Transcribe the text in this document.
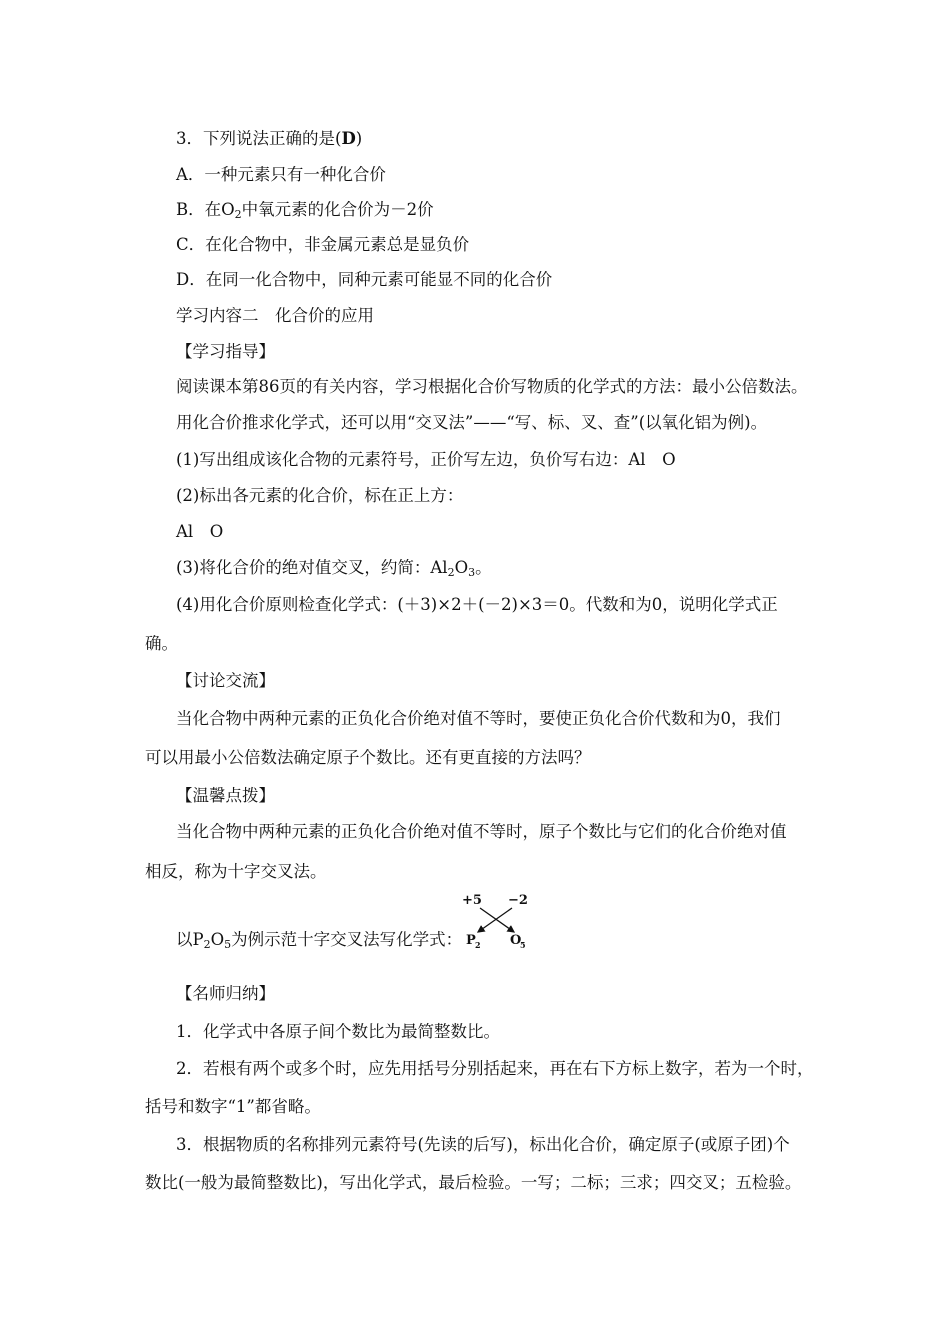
3．下列说法正确的是(D)
A．一种元素只有一种化合价
B．在$O_2$中氧元素的化合价为－2价
C．在化合物中，非金属元素总是显负价
D．在同一化合物中，同种元素可能显不同的化合价
学习内容二　化合价的应用
【学习指导】
阅读课本第86页的有关内容，学习根据化合价写物质的化学式的方法：最小公倍数法。
用化合价推求化学式，还可以用“交叉法”——“写、标、叉、查”(以氧化铝为例)。
(1)写出组成该化合物的元素符号，正价写左边，负价写右边：Al　O
(2)标出各元素的化合价，标在正上方：
Al　O
(3)将化合价的绝对值交叉，约简：$Al_2O_3$。
(4)用化合价原则检查化学式：(＋3)×2＋(－2)×3＝0。代数和为0，说明化学式正
确。
【讨论交流】
当化合物中两种元素的正负化合价绝对值不等时，要使正负化合价代数和为0，我们
可以用最小公倍数法确定原子个数比。还有更直接的方法吗？
【温馨点拨】
当化合物中两种元素的正负化合价绝对值不等时，原子个数比与它们的化合价绝对值
相反，称为十字交叉法。
以$P_2O_5$为例示范十字交叉法写化学式：
+5 −2
P 2 O
5
【名师归纳】
1．化学式中各原子间个数比为最简整数比。
2．若根有两个或多个时，应先用括号分别括起来，再在右下方标上数字，若为一个时，
括号和数字“1”都省略。
3．根据物质的名称排列元素符号(先读的后写)，标出化合价，确定原子(或原子团)个
数比(一般为最简整数比)，写出化学式，最后检验。一写；二标；三求；四交叉；五检验。
